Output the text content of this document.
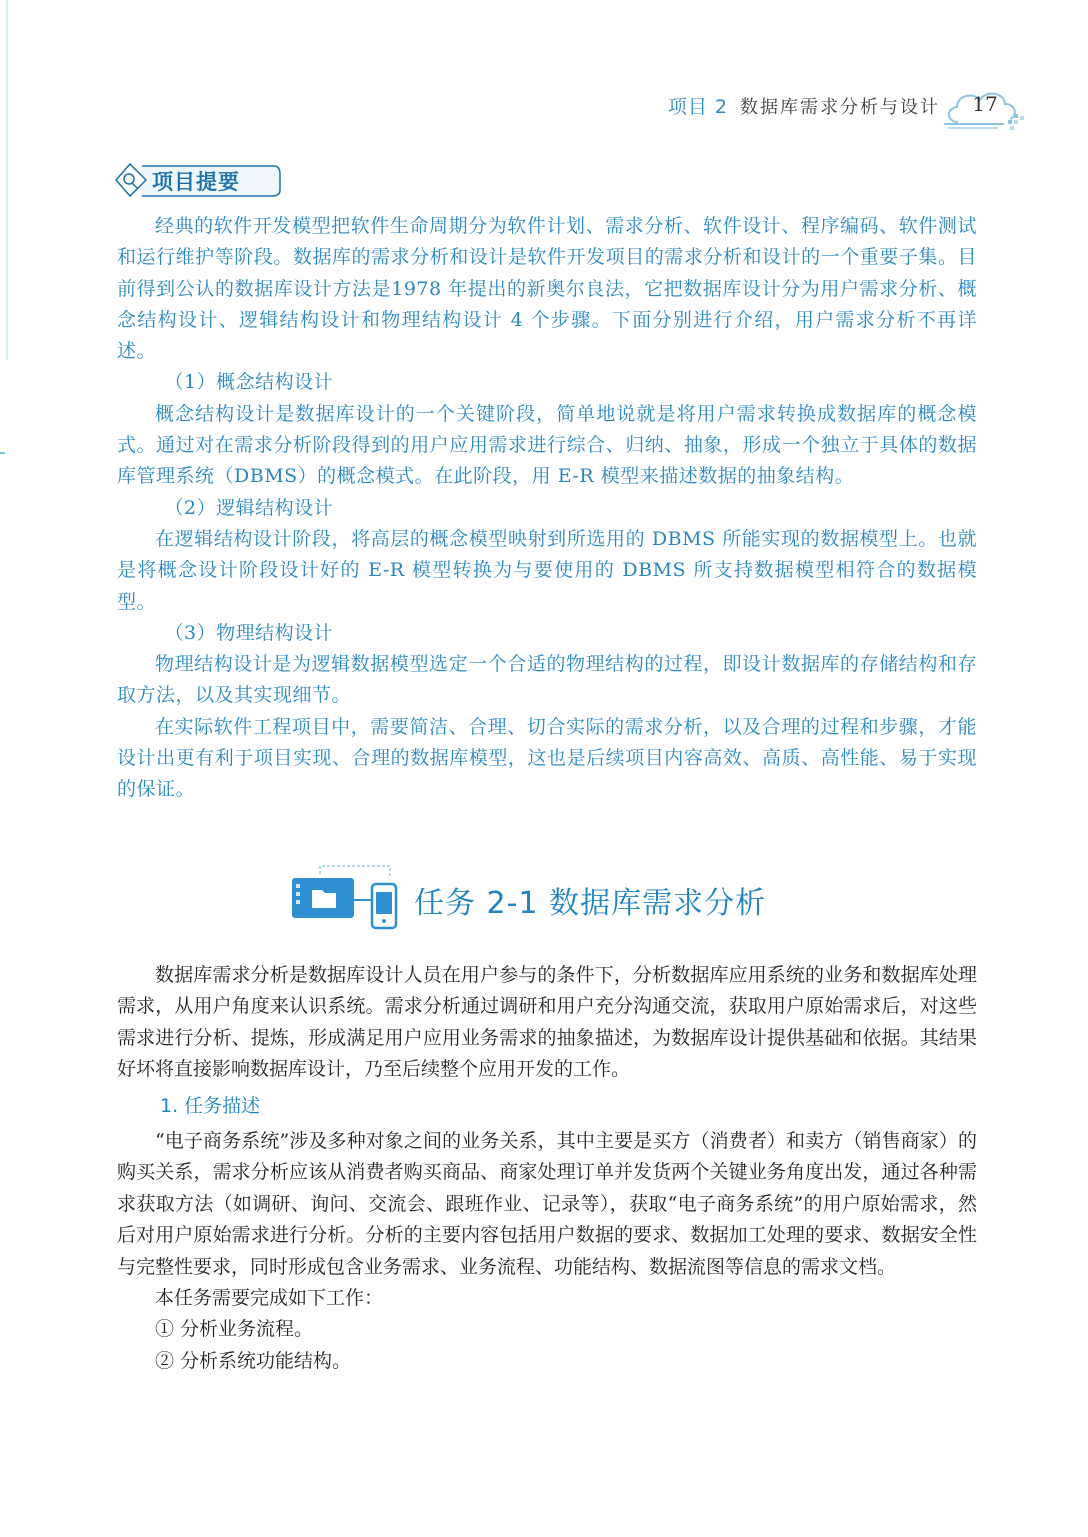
项目 2 数据库需求分析与设计 17
项目提要

经典的软件开发模型把软件生命周期分为软件计划、需求分析、软件设计、程序编码、软件测试和运行维护等阶段。数据库的需求分析和设计是软件开发项目的需求分析和设计的一个重要子集。目前得到公认的数据库设计方法是1978 年提出的新奥尔良法，它把数据库设计分为用户需求分析、概念结构设计、逻辑结构设计和物理结构设计 4 个步骤。下面分别进行介绍，用户需求分析不再详述。

（1）概念结构设计

概念结构设计是数据库设计的一个关键阶段，简单地说就是将用户需求转换成数据库的概念模式。通过对在需求分析阶段得到的用户应用需求进行综合、归纳、抽象，形成一个独立于具体的数据库管理系统（DBMS）的概念模式。在此阶段，用 E-R 模型来描述数据的抽象结构。

（2）逻辑结构设计

在逻辑结构设计阶段，将高层的概念模型映射到所选用的 DBMS 所能实现的数据模型上。也就是将概念设计阶段设计好的 E-R 模型转换为与要使用的 DBMS 所支持数据模型相符合的数据模型。

（3）物理结构设计

物理结构设计是为逻辑数据模型选定一个合适的物理结构的过程，即设计数据库的存储结构和存取方法，以及其实现细节。

在实际软件工程项目中，需要简洁、合理、切合实际的需求分析，以及合理的过程和步骤，才能设计出更有利于项目实现、合理的数据库模型，这也是后续项目内容高效、高质、高性能、易于实现的保证。

任务 2-1 数据库需求分析

数据库需求分析是数据库设计人员在用户参与的条件下，分析数据库应用系统的业务和数据库处理需求，从用户角度来认识系统。需求分析通过调研和用户充分沟通交流，获取用户原始需求后，对这些需求进行分析、提炼，形成满足用户应用业务需求的抽象描述，为数据库设计提供基础和依据。其结果好坏将直接影响数据库设计，乃至后续整个应用开发的工作。

1. 任务描述

“电子商务系统”涉及多种对象之间的业务关系，其中主要是买方（消费者）和卖方（销售商家）的购买关系，需求分析应该从消费者购买商品、商家处理订单并发货两个关键业务角度出发，通过各种需求获取方法（如调研、询问、交流会、跟班作业、记录等），获取“电子商务系统”的用户原始需求，然后对用户原始需求进行分析。分析的主要内容包括用户数据的要求、数据加工处理的要求、数据安全性与完整性要求，同时形成包含业务需求、业务流程、功能结构、数据流图等信息的需求文档。

本任务需要完成如下工作：

① 分析业务流程。

② 分析系统功能结构。
